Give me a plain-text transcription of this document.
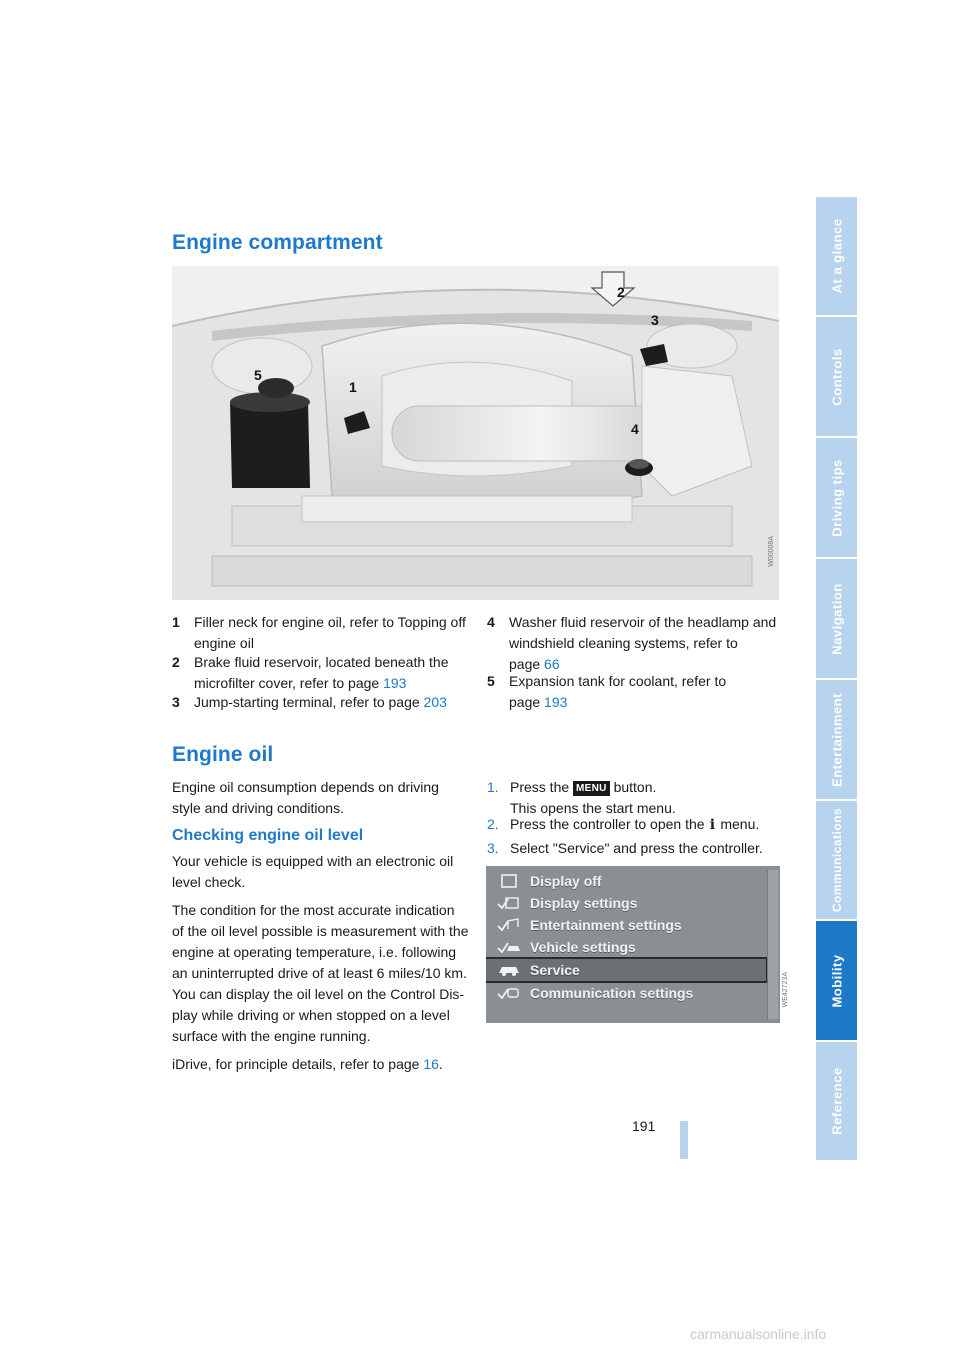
Engine compartment
2
3
5
1
4
W00008A
1 Filler neck for engine oil, refer to Topping off
engine oil
2 Brake fluid reservoir, located beneath the
microfilter cover, refer to page 193
3 Jump-starting terminal, refer to page 203
4 Washer fluid reservoir of the headlamp and
windshield cleaning systems, refer to
page 66
5 Expansion tank for coolant, refer to
page 193
Engine oil
Engine oil consumption depends on driving
style and driving conditions.
Checking engine oil level
Your vehicle is equipped with an electronic oil
level check.
The condition for the most accurate indication
of the oil level possible is measurement with the
engine at operating temperature, i.e. following
an uninterrupted drive of at least 6 miles/10 km.
You can display the oil level on the Control Dis-
play while driving or when stopped on a level
surface with the engine running.
iDrive, for principle details, refer to page 16.
1. Press the MENU button.
This opens the start menu.
2. Press the controller to open the i menu.
3. Select "Service" and press the controller.
Display off
Display settings
Entertainment settings
Vehicle settings
Service
Communication settings	WE42723A
At a glance
Controls
Driving tips
Navigation
Entertainment
Communications
Mobility
Reference
191
carmanualsonline.info
